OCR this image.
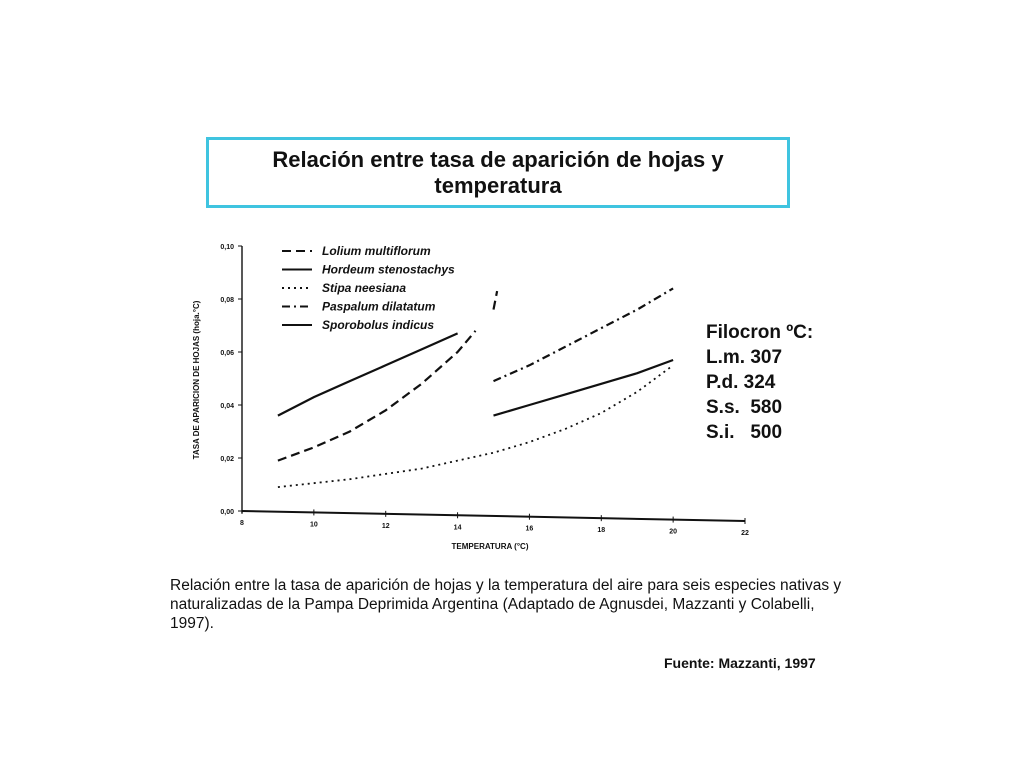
Relación entre tasa de aparición de hojas y temperatura
0,00
0,02
0,04
0,06
0,08
0,10
8	10	12	14	16	18	20	22
TEMPERATURA (°C)
TASA DE APARICION DE HOJAS (hoja.°C)
Lolium multiflorum
Hordeum stenostachys
Stipa neesiana
Paspalum dilatatum
Sporobolus indicus	Filocron ºC:
L.m. 307
P.d. 324
S.s.  580
S.i.   500
Relación entre la tasa de aparición de hojas y la temperatura del aire para seis especies nativas y naturalizadas de la Pampa Deprimida Argentina (Adaptado de Agnusdei, Mazzanti y Colabelli, 1997).
Fuente: Mazzanti, 1997
